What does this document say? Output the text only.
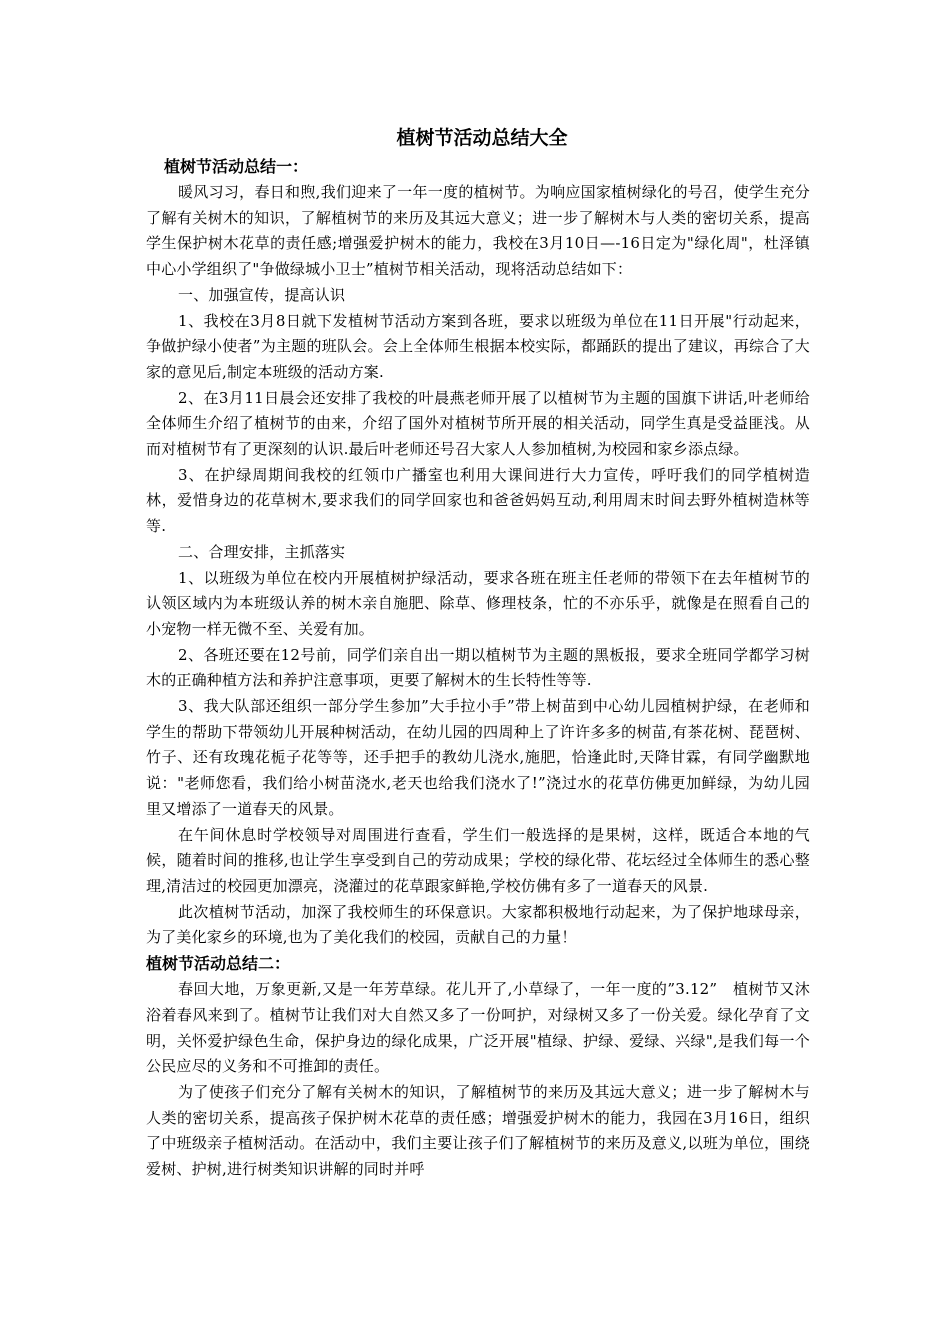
植树节活动总结大全
植树节活动总结一：

暖风习习，春日和煦,我们迎来了一年一度的植树节。为响应国家植树绿化的号召，使学生充分了解有关树木的知识，了解植树节的来历及其远大意义；进一步了解树木与人类的密切关系，提高学生保护树木花草的责任感;增强爱护树木的能力，我校在3月10日—-16日定为"绿化周"，杜泽镇中心小学组织了"争做绿城小卫士”植树节相关活动，现将活动总结如下：

一、加强宣传，提高认识

1、我校在3月8日就下发植树节活动方案到各班，要求以班级为单位在11日开展"行动起来，争做护绿小使者”为主题的班队会。会上全体师生根据本校实际，都踊跃的提出了建议，再综合了大家的意见后,制定本班级的活动方案.

2、在3月11日晨会还安排了我校的叶晨燕老师开展了以植树节为主题的国旗下讲话,叶老师给全体师生介绍了植树节的由来，介绍了国外对植树节所开展的相关活动，同学生真是受益匪浅。从而对植树节有了更深刻的认识.最后叶老师还号召大家人人参加植树,为校园和家乡添点绿。

3、在护绿周期间我校的红领巾广播室也利用大课间进行大力宣传，呼吁我们的同学植树造林，爱惜身边的花草树木,要求我们的同学回家也和爸爸妈妈互动,利用周末时间去野外植树造林等等.

二、合理安排，主抓落实

1、以班级为单位在校内开展植树护绿活动，要求各班在班主任老师的带领下在去年植树节的认领区域内为本班级认养的树木亲自施肥、除草、修理枝条，忙的不亦乐乎，就像是在照看自己的小宠物一样无微不至、关爱有加。

2、各班还要在12号前，同学们亲自出一期以植树节为主题的黑板报，要求全班同学都学习树木的正确种植方法和养护注意事项，更要了解树木的生长特性等等.

3、我大队部还组织一部分学生参加”大手拉小手”带上树苗到中心幼儿园植树护绿，在老师和学生的帮助下带领幼儿开展种树活动，在幼儿园的四周种上了许许多多的树苗,有茶花树、琵琶树、竹子、还有玫瑰花栀子花等等，还手把手的教幼儿浇水,施肥，恰逢此时,天降甘霖，有同学幽默地说："老师您看，我们给小树苗浇水,老天也给我们浇水了!”浇过水的花草仿佛更加鲜绿，为幼儿园里又增添了一道春天的风景。

在午间休息时学校领导对周围进行查看，学生们一般选择的是果树，这样，既适合本地的气候，随着时间的推移,也让学生享受到自己的劳动成果；学校的绿化带、花坛经过全体师生的悉心整理,清洁过的校园更加漂亮，浇灌过的花草跟家鲜艳,学校仿佛有多了一道春天的风景.

此次植树节活动，加深了我校师生的环保意识。大家都积极地行动起来，为了保护地球母亲，为了美化家乡的环境,也为了美化我们的校园，贡献自己的力量！

植树节活动总结二：

春回大地，万象更新,又是一年芳草绿。花儿开了,小草绿了，一年一度的”3.12”　植树节又沐浴着春风来到了。植树节让我们对大自然又多了一份呵护，对绿树又多了一份关爱。绿化孕育了文明，关怀爱护绿色生命，保护身边的绿化成果，广泛开展"植绿、护绿、爱绿、兴绿",是我们每一个公民应尽的义务和不可推卸的责任。

为了使孩子们充分了解有关树木的知识，了解植树节的来历及其远大意义；进一步了解树木与人类的密切关系，提高孩子保护树木花草的责任感；增强爱护树木的能力，我园在3月16日，组织了中班级亲子植树活动。在活动中，我们主要让孩子们了解植树节的来历及意义,以班为单位，围绕爱树、护树,进行树类知识讲解的同时并呼
